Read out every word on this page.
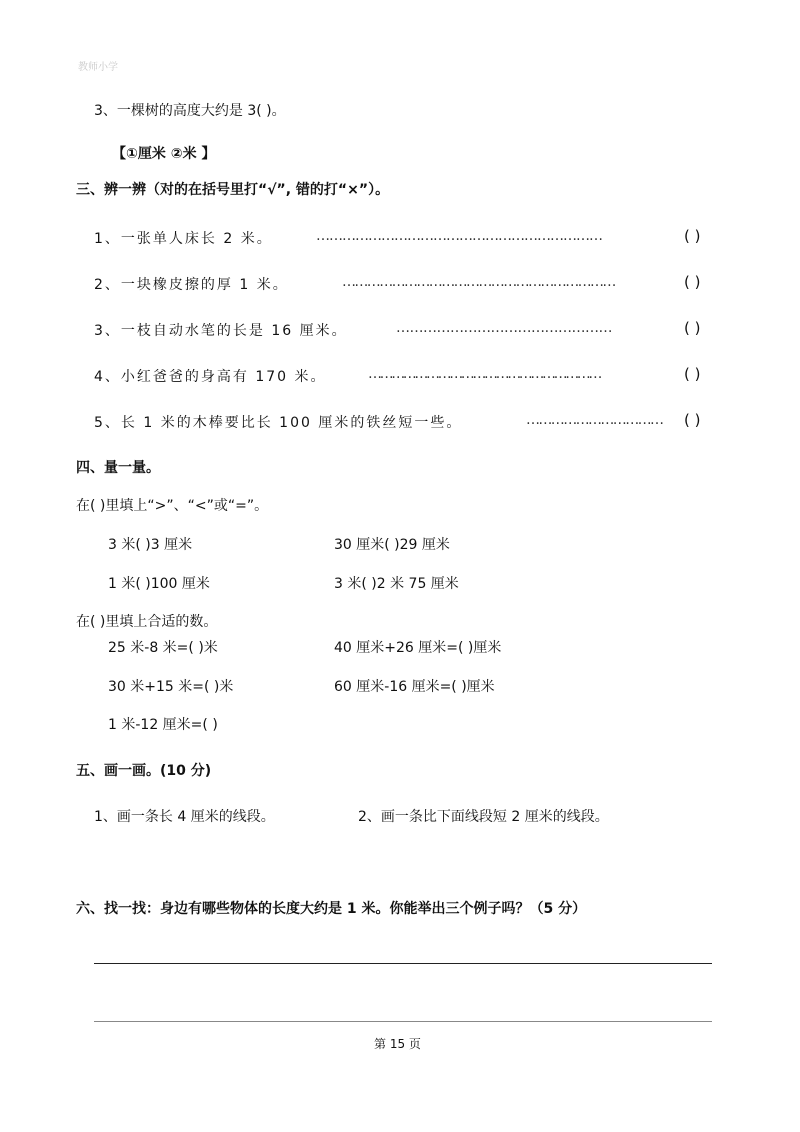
教师小学
3、一棵树的高度大约是 3( )。
【①厘米 ②米 】
三、辨一辨（对的在括号里打“√”, 错的打“×”）。
1、一张单人床长 2 米。	…………………………………………………………	( )
2、一块橡皮擦的厚 1 米。	…………………………………………………………	( )
3、一枝自动水笔的长是 16 厘米。	…………………………………………	( )
4、小红爸爸的身高有 170 米。	……………………………………………………	( )
5、长 1 米的木棒要比长 100 厘米的铁丝短一些。	…………………………… ( )
四、量一量。
在( )里填上“>”、“<”或“=”。
3 米( )3 厘米	30 厘米( )29 厘米
1 米( )100 厘米	3 米( )2 米 75 厘米
在( )里填上合适的数。
25 米-8 米=( )米	40 厘米+26 厘米=( )厘米
30 米+15 米=( )米	60 厘米-16 厘米=( )厘米
1 米-12 厘米=( )
五、画一画。(10 分)
1、画一条长 4 厘米的线段。	2、画一条比下面线段短 2 厘米的线段。
六、找一找：身边有哪些物体的长度大约是 1 米。你能举出三个例子吗？（5 分）
第 15 页
